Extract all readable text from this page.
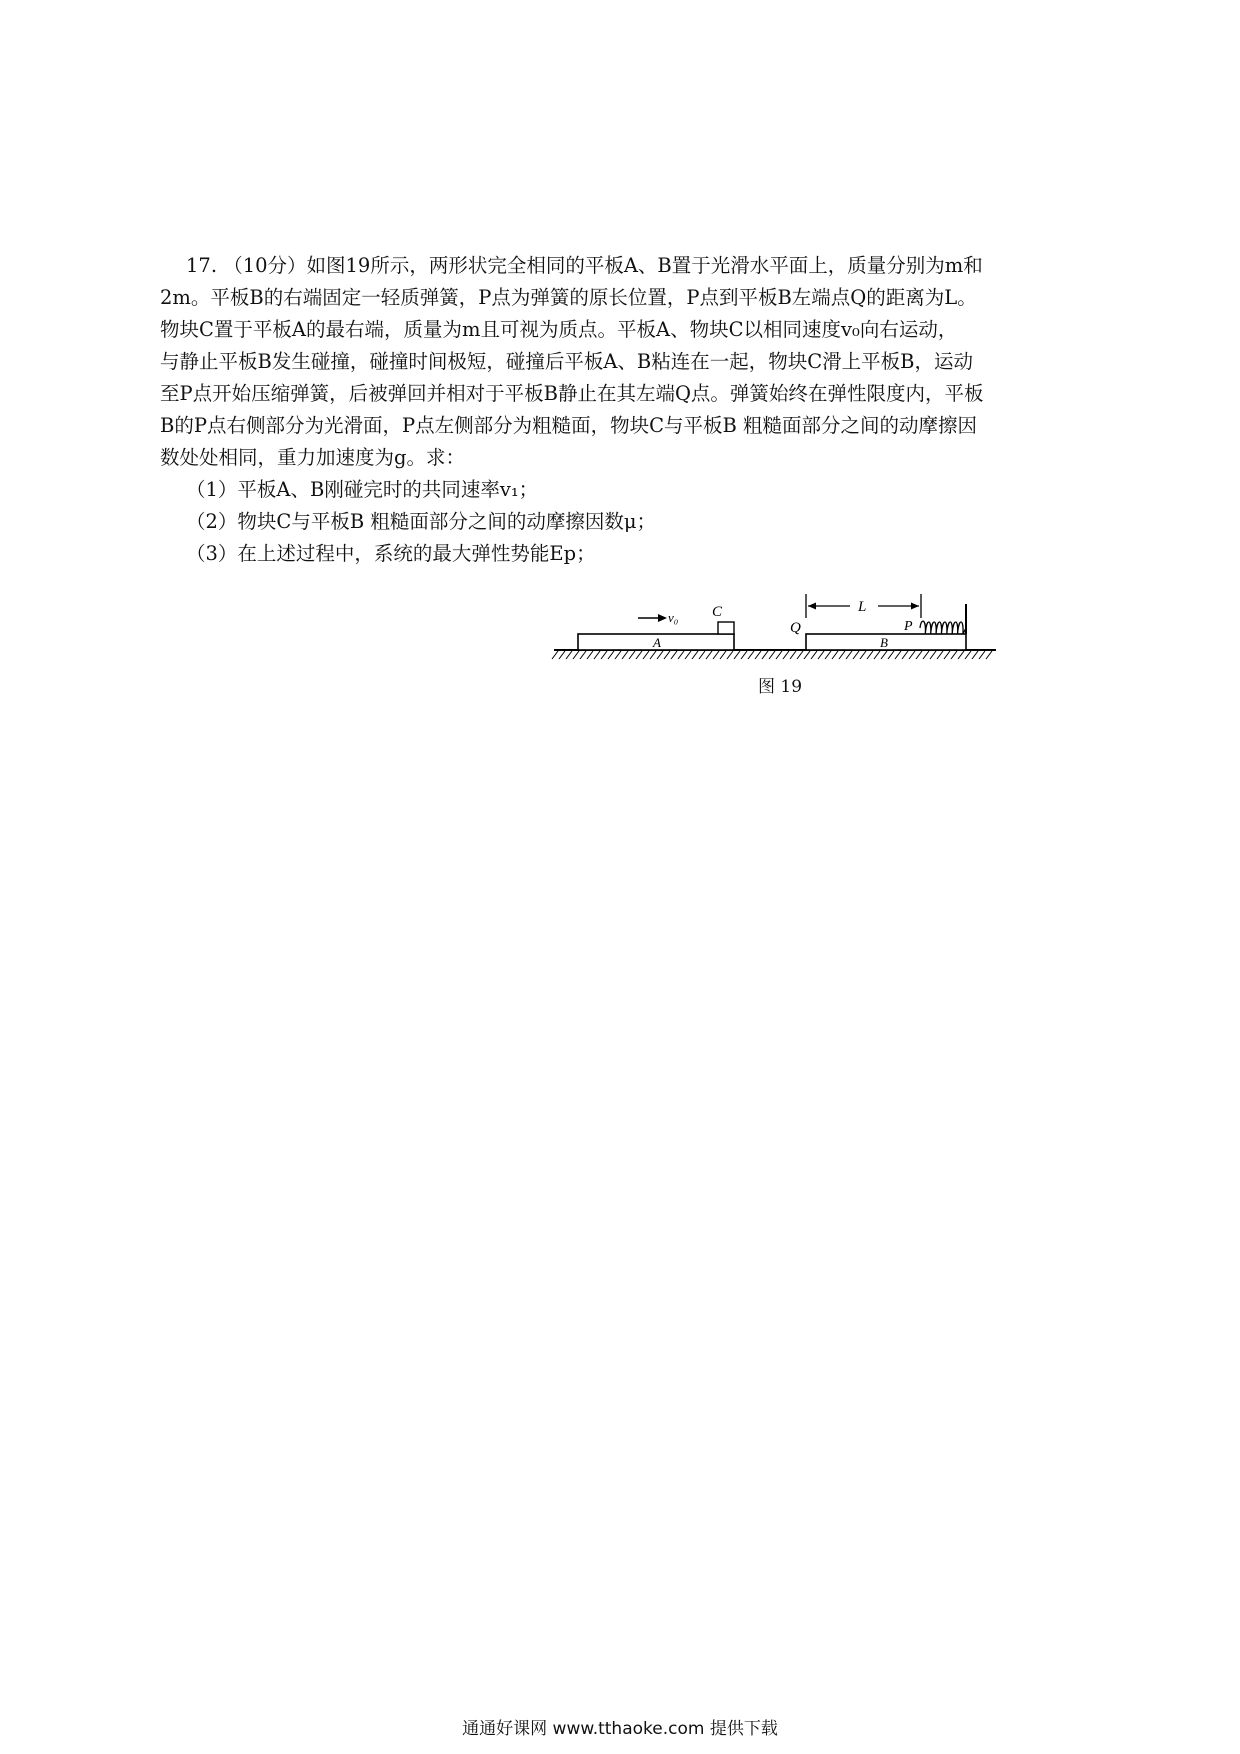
17. （10分）如图19所示，两形状完全相同的平板A、B置于光滑水平面上，质量分别为m和
2m。平板B的右端固定一轻质弹簧，P点为弹簧的原长位置，P点到平板B左端点Q的距离为L。
物块C置于平板A的最右端，质量为m且可视为质点。平板A、物块C以相同速度v₀向右运动，
与静止平板B发生碰撞，碰撞时间极短，碰撞后平板A、B粘连在一起，物块C滑上平板B，运动
至P点开始压缩弹簧，后被弹回并相对于平板B静止在其左端Q点。弹簧始终在弹性限度内，平板
B的P点右侧部分为光滑面，P点左侧部分为粗糙面，物块C与平板B 粗糙面部分之间的动摩擦因
数处处相同，重力加速度为g。求：
（1）平板A、B刚碰完时的共同速率v₁；
（2）物块C与平板B 粗糙面部分之间的动摩擦因数μ；
（3）在上述过程中，系统的最大弹性势能Ep；
A
C
v₀
B
Q	P
L
图 19
通通好课网 www.tthaoke.com 提供下载
